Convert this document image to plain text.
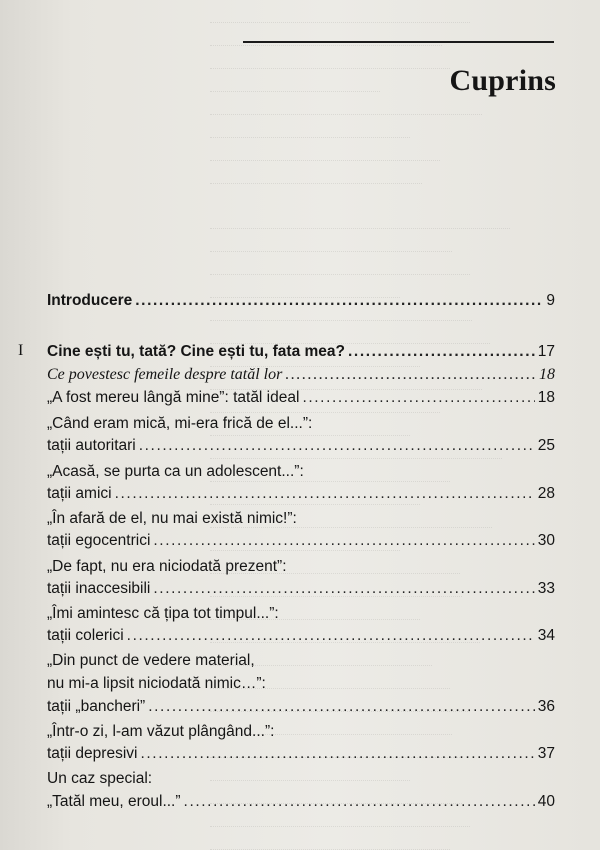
Cuprins
Introducere .....	9
Cine ești tu, tată? Cine ești tu, fata mea? .....	17
Ce povestesc femeile despre tatăl lor .....	18
„A fost mereu lângă mine”: tatăl ideal .....	18
„Când eram mică, mi-era frică de el...”:
tații autoritari .....	25
„Acasă, se purta ca un adolescent...”:
tații amici .....	28
„În afară de el, nu mai există nimic!”:
tații egocentrici .....	30
„De fapt, nu era niciodată prezent”:
tații inaccesibili .....	33
„Îmi amintesc că țipa tot timpul...”:
tații colerici .....	34
„Din punct de vedere material,
nu mi-a lipsit niciodată nimic…”:
tații „bancheri” .....	36
„Într-o zi, l-am văzut plângând...”:
tații depresivi .....	37
Un caz special:
„Tatăl meu, eroul...” .....	40
I
